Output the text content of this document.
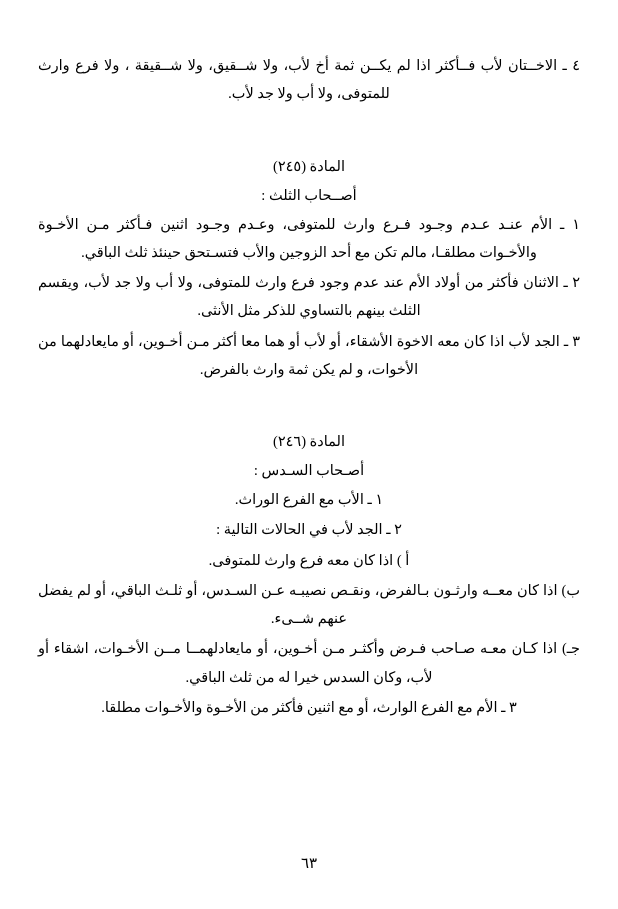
٤ ـ الاخــتان لأب فــأكثر اذا لم يكــن ثمة أخ لأب، ولا شــقيق، ولا شــقيقة ، ولا فرع وارث للمتوفى، ولا أب ولا جد لأب.

المادة (٢٤٥)

أصــحاب الثلث :

١ ـ الأم عنـد عـدم وجـود فـرع وارث للمتوفى، وعـدم وجـود اثنين فـأكثر مـن الأخـوة والأخـوات مطلقـا، مالم تكن مع أحد الزوجين والأب فتسـتحق حينئذ ثلث الباقي.

٢ ـ الاثنان فأكثر من أولاد الأم عند عدم وجود فرع وارث للمتوفى، ولا أب ولا جد لأب، ويقسم الثلث بينهم بالتساوي للذكر مثل الأنثى.

٣ ـ الجد لأب اذا كان معه الاخوة الأشقاء، أو لأب أو هما معا أكثر مـن أخـوين، أو مايعادلهما من الأخوات، و لم يكن ثمة وارث بالفرض.

المادة (٢٤٦)

أصـحاب السـدس :

١ ـ الأب مع الفرع الوراث.

٢ ـ الجد لأب في الحالات التالية :

أ ) اذا كان معه فرع وارث للمتوفى.

ب) اذا كان معــه وارثـون بـالفرض، ونقـص نصيبـه عـن السـدس، أو ثلـث الباقي، أو لم يفضل عنهم شــىء.

جـ) اذا كـان معـه صـاحب فـرض وأكثـر مـن أخـوين، أو مايعادلهمــا مــن الأخـوات، اشقاء أو لأب، وكان السدس خيرا له من ثلث الباقي.

٣ ـ الأم مع الفرع الوارث، أو مع اثنين فأكثر من الأخـوة والأخـوات مطلقا.

٦٣
